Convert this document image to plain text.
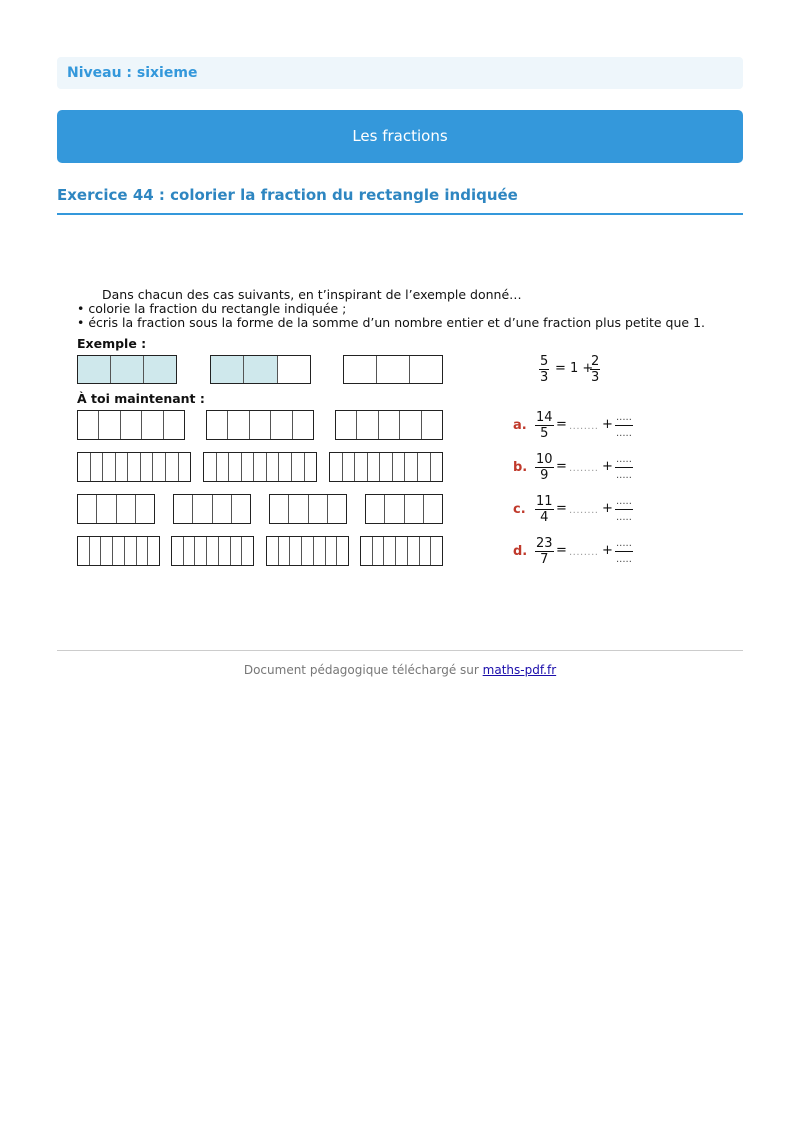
Niveau : sixieme
Les fractions
Exercice 44 : colorier la fraction du rectangle indiquée
Dans chacun des cas suivants, en t’inspirant de l’exemple donné…
• colorie la fraction du rectangle indiquée ;
• écris la fraction sous la forme de la somme d’un nombre entier et d’une fraction plus petite que 1.
Exemple :
$\frac{5}{3} = 1$ +
$\frac{2}{3}$
À toi maintenant :
a. $\frac{14}{5}$ = ........ + .....
.....
b. $\frac{10}{9}$ = ........ + .....
.....
c. $\frac{11}{4}$ = ........ + .....
.....
d. $\frac{23}{7}$ = ........ + .....
.....
Document pédagogique téléchargé sur maths-pdf.fr
